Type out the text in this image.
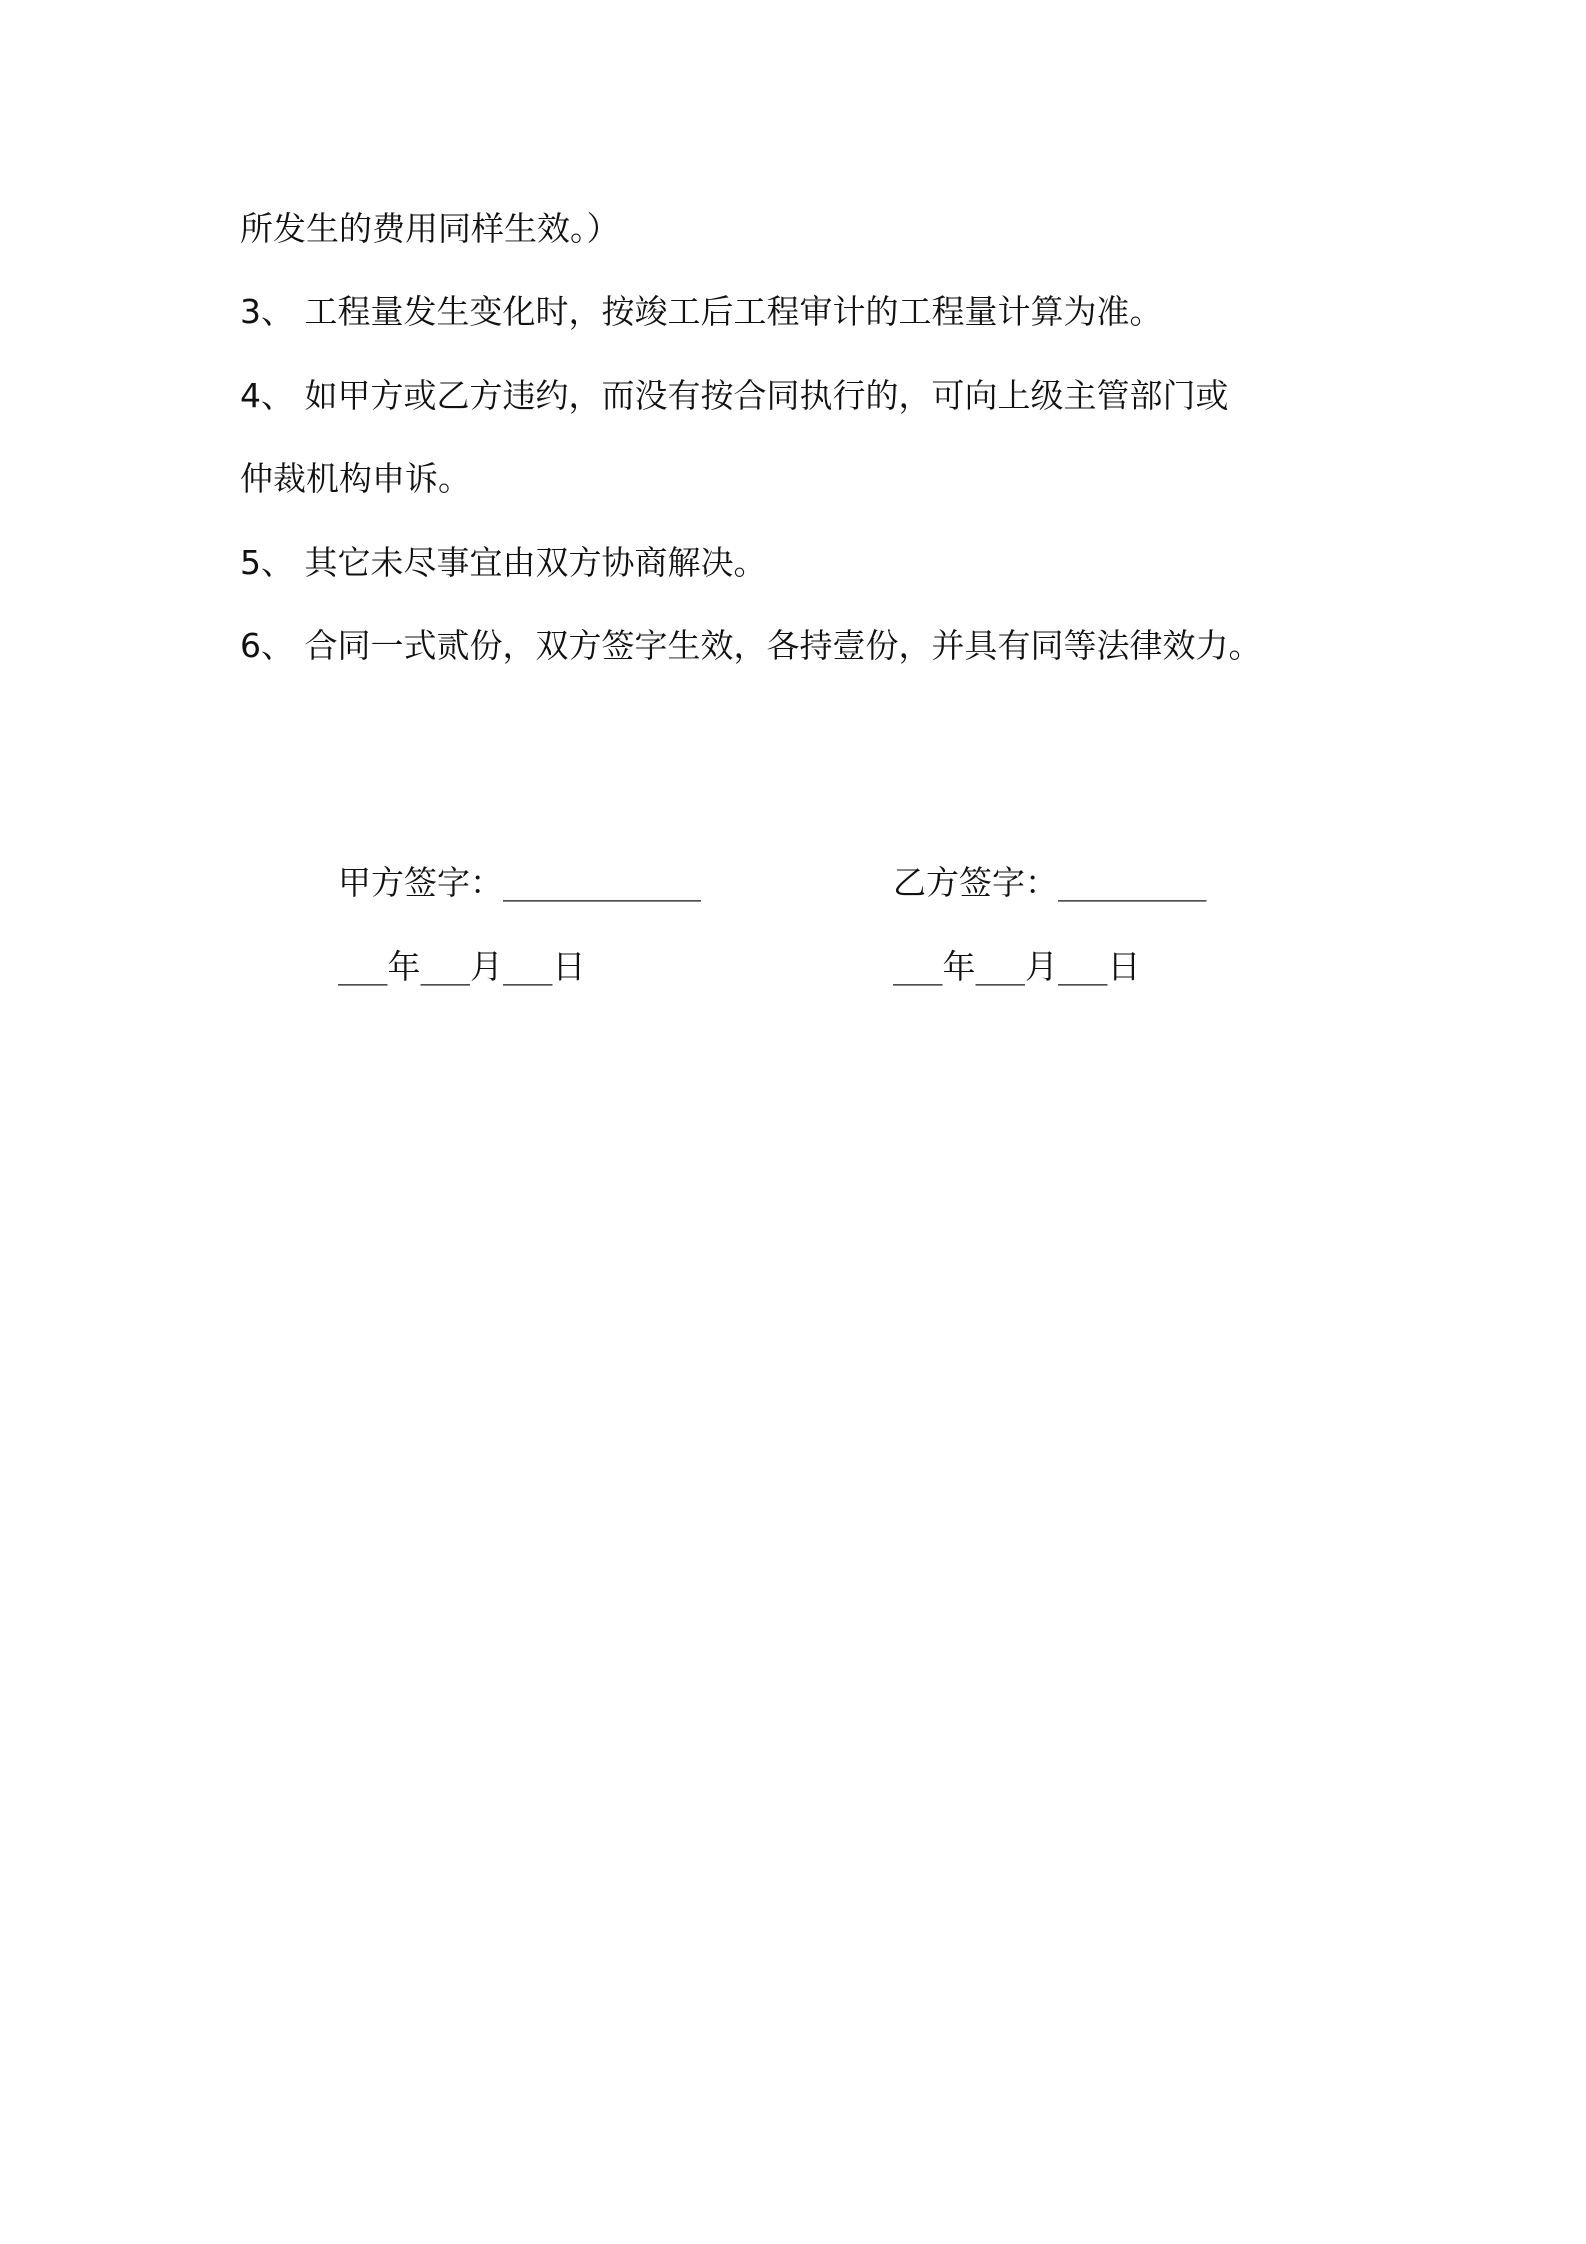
所发生的费用同样生效。）
3、 工程量发生变化时，按竣工后工程审计的工程量计算为准。
4、 如甲方或乙方违约，而没有按合同执行的，可向上级主管部门或
仲裁机构申诉。
5、 其它未尽事宜由双方协商解决。
6、 合同一式贰份，双方签字生效，各持壹份，并具有同等法律效力。
甲方签字：____________	乙方签字：_________
___年___月___日	___年___月___日
